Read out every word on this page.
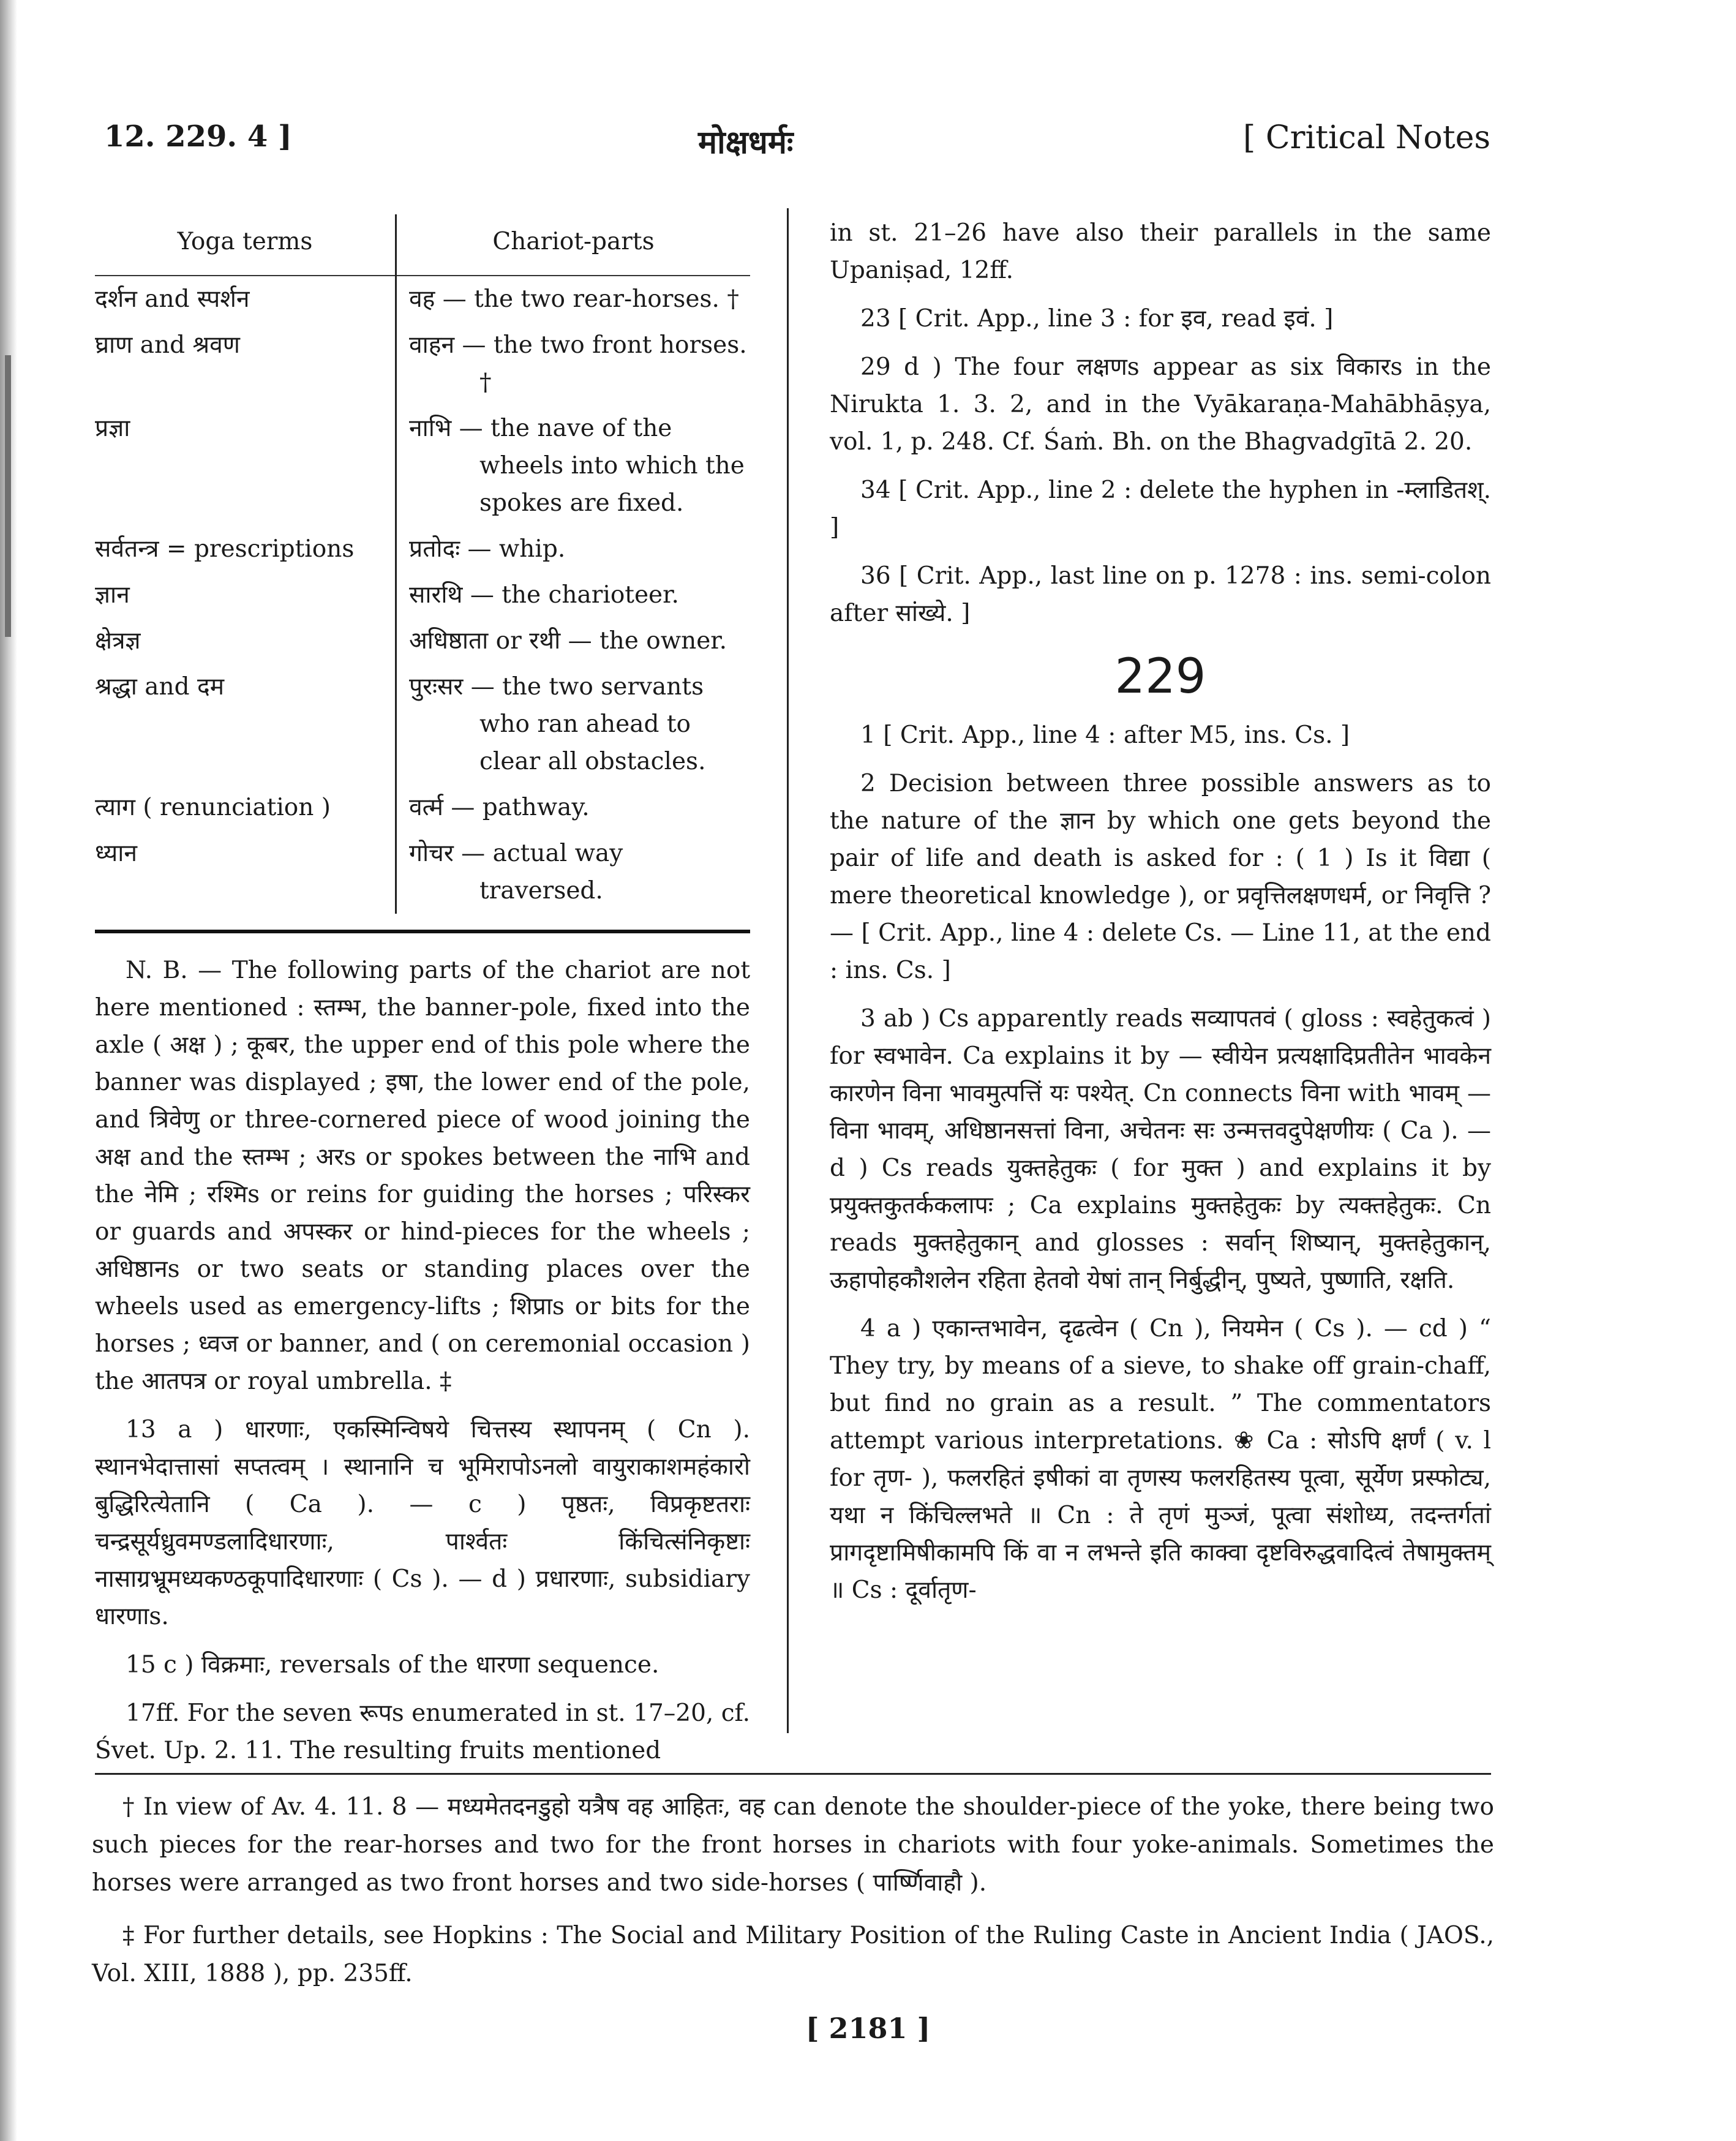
12. 229. 4 ]	मोक्षधर्मः	[ Critical Notes
Yoga terms	Chariot-parts
दर्शन and स्पर्शन	वह — the two rear-horses. †

घ्राण and श्रवण	वाहन — the two front horses. †

प्रज्ञा	नाभि — the nave of the wheels into which the spokes are fixed.

सर्वतन्त्र = prescriptions	प्रतोदः — whip.

ज्ञान	सारथि — the charioteer.

क्षेत्रज्ञ	अधिष्ठाता or रथी — the owner.

श्रद्धा and दम	पुरःसर — the two servants who ran ahead to clear all obstacles.

त्याग ( renunciation )	वर्त्म — pathway.

ध्यान	गोचर — actual way traversed.

N. B. — The following parts of the chariot are not here mentioned : स्तम्भ, the banner-pole, fixed into the axle ( अक्ष ) ; कूबर, the upper end of this pole where the banner was displayed ; इषा, the lower end of the pole, and त्रिवेणु or three-cornered piece of wood joining the अक्ष and the स्तम्भ ; अरs or spokes between the नाभि and the नेमि ; रश्मिs or reins for guiding the horses ; परिस्कर or guards and अपस्कर or hind-pieces for the wheels ; अधिष्ठानs or two seats or standing places over the wheels used as emergency-lifts ; शिप्राs or bits for the horses ; ध्वज or banner, and ( on ceremonial occasion ) the आतपत्र or royal umbrella. ‡

13 a ) धारणाः, एकस्मिन्विषये चित्तस्य स्थापनम् ( Cn ). स्थानभेदात्तासां सप्तत्वम् । स्थानानि च भूमिरापोऽनलो वायुराकाशमहंकारो बुद्धिरित्येतानि ( Ca ). — c ) पृष्ठतः, विप्रकृष्टतराः चन्द्रसूर्यध्रुवमण्डलादिधारणाः, पार्श्वतः किंचित्संनिकृष्टाः नासाग्रभ्रूमध्यकण्ठकूपादिधारणाः ( Cs ). — d ) प्रधारणाः, subsidiary धारणाs.

15 c ) विक्रमाः, reversals of the धारणा sequence.

17ff. For the seven रूपs enumerated in st. 17–20, cf. Śvet. Up. 2. 11. The resulting fruits mentioned

in st. 21–26 have also their parallels in the same Upaniṣad, 12ff.

23 [ Crit. App., line 3 : for इव, read इवं. ]

29 d ) The four लक्षणs appear as six विकारs in the Nirukta 1. 3. 2, and in the Vyākaraṇa-Mahābhāṣya, vol. 1, p. 248. Cf. Śaṁ. Bh. on the Bhagvadgītā 2. 20.

34 [ Crit. App., line 2 : delete the hyphen in -म्लाडितश्. ]

36 [ Crit. App., last line on p. 1278 : ins. semi-colon after सांख्ये. ]

229

1 [ Crit. App., line 4 : after M5, ins. Cs. ]

2 Decision between three possible answers as to the nature of the ज्ञान by which one gets beyond the pair of life and death is asked for : ( 1 ) Is it विद्या ( mere theoretical knowledge ), or प्रवृत्तिलक्षणधर्म, or निवृत्ति ? — [ Crit. App., line 4 : delete Cs. — Line 11, at the end : ins. Cs. ]

3 ab ) Cs apparently reads सव्यापतवं ( gloss : स्वहेतुकत्वं ) for स्वभावेन. Ca explains it by — स्वीयेन प्रत्यक्षादिप्रतीतेन भावकेन कारणेन विना भावमुत्पत्तिं यः पश्येत्. Cn connects विना with भावम् — विना भावम्, अधिष्ठानसत्तां विना, अचेतनः सः उन्मत्तवदुपेक्षणीयः ( Ca ). — d ) Cs reads युक्तहेतुकः ( for मुक्त ) and explains it by प्रयुक्तकुतर्ककलापः ; Ca explains मुक्तहेतुकः by त्यक्तहेतुकः. Cn reads मुक्तहेतुकान् and glosses : सर्वान् शिष्यान्, मुक्तहेतुकान्, ऊहापोहकौशलेन रहिता हेतवो येषां तान् निर्बुद्धीन्, पुष्यते, पुष्णाति, रक्षति.

4 a ) एकान्तभावेन, दृढत्वेन ( Cn ), नियमेन ( Cs ). — cd ) “ They try, by means of a sieve, to shake off grain-chaff, but find no grain as a result. ” The commentators attempt various interpretations. ❀ Ca : सोऽपि क्षर्णं ( v. l for तृण- ), फलरहितं इषीकां वा तृणस्य फलरहितस्य पूत्वा, सूर्येण प्रस्फोट्य, यथा न किंचिल्लभते ॥ Cn : ते तृणं मुञ्जं, पूत्वा संशोध्य, तदन्तर्गतां प्रागदृष्टामिषीकामपि किं वा न लभन्ते इति काक्वा दृष्टविरुद्धवादित्वं तेषामुक्तम् ॥ Cs : दूर्वातृण-

† In view of Av. 4. 11. 8 — मध्यमेतदनडुहो यत्रैष वह आहितः, वह can denote the shoulder-piece of the yoke, there being two such pieces for the rear-horses and two for the front horses in chariots with four yoke-animals. Sometimes the horses were arranged as two front horses and two side-horses ( पार्ष्णिवाहौ ).

‡ For further details, see Hopkins : The Social and Military Position of the Ruling Caste in Ancient India ( JAOS., Vol. XIII, 1888 ), pp. 235ff.

[ 2181 ]
